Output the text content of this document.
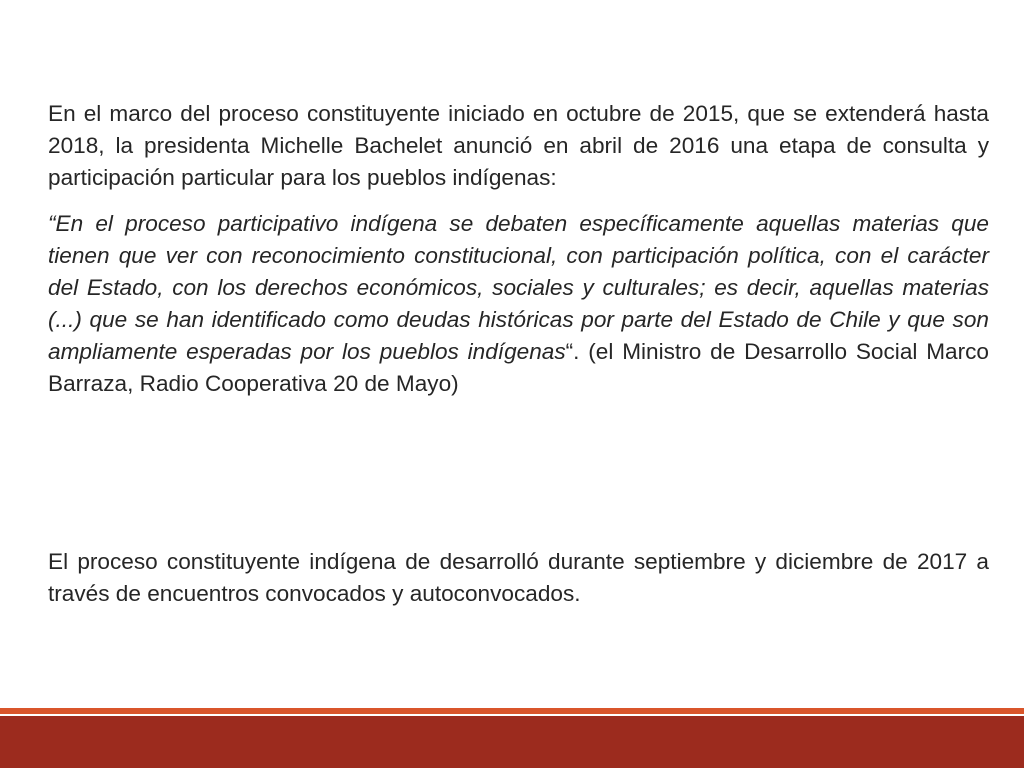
En el marco del proceso constituyente iniciado en octubre de 2015, que se extenderá hasta 2018, la presidenta Michelle Bachelet anunció en abril de 2016 una etapa de consulta y participación particular para los pueblos indígenas:

“En el proceso participativo indígena se debaten específicamente aquellas materias que tienen que ver con reconocimiento constitucional, con participación política, con el carácter del Estado, con los derechos económicos, sociales y culturales; es decir, aquellas materias (...) que se han identificado como deudas históricas por parte del Estado de Chile y que son ampliamente esperadas por los pueblos indígenas“. (el Ministro de Desarrollo Social Marco Barraza, Radio Cooperativa 20 de Mayo)

El proceso constituyente indígena de desarrolló durante septiembre y diciembre de 2017 a través de encuentros convocados y autoconvocados.
